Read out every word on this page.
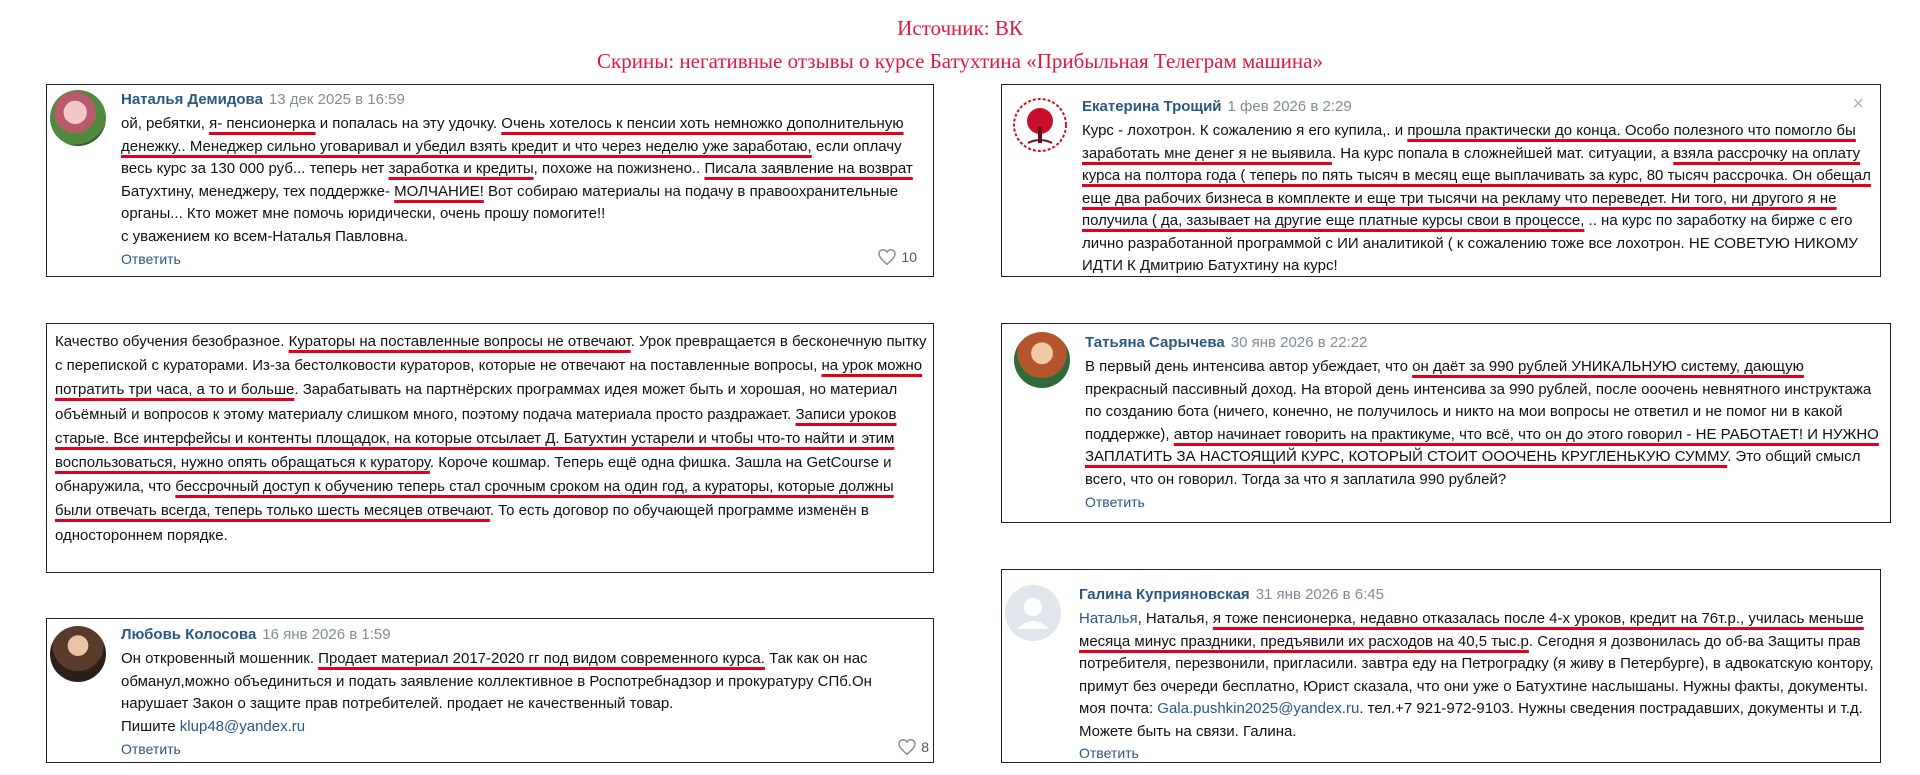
Источник: ВК
Скрины: негативные отзывы о курсе Батухтина «Прибыльная Телеграм машина»
Наталья Демидова 13 дек 2025 в 16:59

ой, ребятки, я- пенсионерка и попалась на эту удочку. Очень хотелось к пенсии хоть немножко дополнительную денежку.. Менеджер сильно уговаривал и убедил взять кредит и что через неделю уже заработаю, если оплачу весь курс за 130 000 руб... теперь нет заработка и кредиты, похоже на пожизнено.. Писала заявление на возврат Батухтину, менеджеру, тех поддержке- МОЛЧАНИЕ! Вот собираю материалы на подачу в правоохранительные органы... Кто может мне помочь юридически, очень прошу помогите!!

с уважением ко всем-Наталья Павловна.

Ответить	10

Качество обучения безобразное. Кураторы на поставленные вопросы не отвечают. Урок превращается в бесконечную пытку с перепиской с кураторами. Из-за бестолковости кураторов, которые не отвечают на поставленные вопросы, на урок можно потратить три часа, а то и больше. Зарабатывать на партнёрских программах идея может быть и хорошая, но материал объёмный и вопросов к этому материалу слишком много, поэтому подача материала просто раздражает. Записи уроков старые. Все интерфейсы и контенты площадок, на которые отсылает Д. Батухтин устарели и чтобы что-то найти и этим воспользоваться, нужно опять обращаться к куратору. Короче кошмар. Теперь ещё одна фишка. Зашла на GetCourse и обнаружила, что бессрочный доступ к обучению теперь стал срочным сроком на один год, а кураторы, которые должны были отвечать всегда, теперь только шесть месяцев отвечают. То есть договор по обучающей программе изменён в одностороннем порядке.

Любовь Колосова 16 янв 2026 в 1:59

Он откровенный мошенник. Продает материал 2017-2020 гг под видом современного курса. Так как он нас обманул,можно объединиться и подать заявление коллективное в Роспотребнадзор и прокуратуру СПб.Он нарушает Закон о защите прав потребителей. продает не качественный товар.

Пишите klup48@yandex.ru

Ответить	8
Екатерина Трощий 1 фев 2026 в 2:29	×

Курс - лохотрон. К сожалению я его купила,. и прошла практически до конца. Особо полезного что помогло бы заработать мне денег я не выявила. На курс попала в сложнейшей мат. ситуации, а взяла рассрочку на оплату курса на полтора года ( теперь по пять тысяч в месяц еще выплачивать за курс, 80 тысяч рассрочка. Он обещал еще два рабочих бизнеса в комплекте и еще три тысячи на рекламу что переведет. Ни того, ни другого я не получила ( да, зазывает на другие еще платные курсы свои в процессе, .. на курс по заработку на бирже с его лично разработанной программой с ИИ аналитикой ( к сожалению тоже все лохотрон. НЕ СОВЕТУЮ НИКОМУ ИДТИ К Дмитрию Батухтину на курс!

Татьяна Сарычева 30 янв 2026 в 22:22

В первый день интенсива автор убеждает, что он даёт за 990 рублей УНИКАЛЬНУЮ систему, дающую прекрасный пассивный доход. На второй день интенсива за 990 рублей, после ооочень невнятного инструктажа по созданию бота (ничего, конечно, не получилось и никто на мои вопросы не ответил и не помог ни в какой поддержке), автор начинает говорить на практикуме, что всё, что он до этого говорил - НЕ РАБОТАЕТ! И НУЖНО ЗАПЛАТИТЬ ЗА НАСТОЯЩИЙ КУРС, КОТОРЫЙ СТОИТ ОООЧЕНЬ КРУГЛЕНЬКУЮ СУММУ. Это общий смысл всего, что он говорил. Тогда за что я заплатила 990 рублей?

Ответить
Галина Куприяновская 31 янв 2026 в 6:45

Наталья, Наталья, я тоже пенсионерка, недавно отказалась после 4-х уроков, кредит на 76т.р., училась меньше месяца минус праздники, предъявили их расходов на 40,5 тыс.р. Сегодня я дозвонилась до об-ва Защиты прав потребителя, перезвонили, пригласили. завтра еду на Петроградку (я живу в Петербурге), в адвокатскую контору, примут без очереди бесплатно, Юрист сказала, что они уже о Батухтине наслышаны. Нужны факты, документы. моя почта: Gala.pushkin2025@yandex.ru. тел.+7 921-972-9103. Нужны сведения пострадавших, документы и т.д. Можете быть на связи. Галина.

Ответить
